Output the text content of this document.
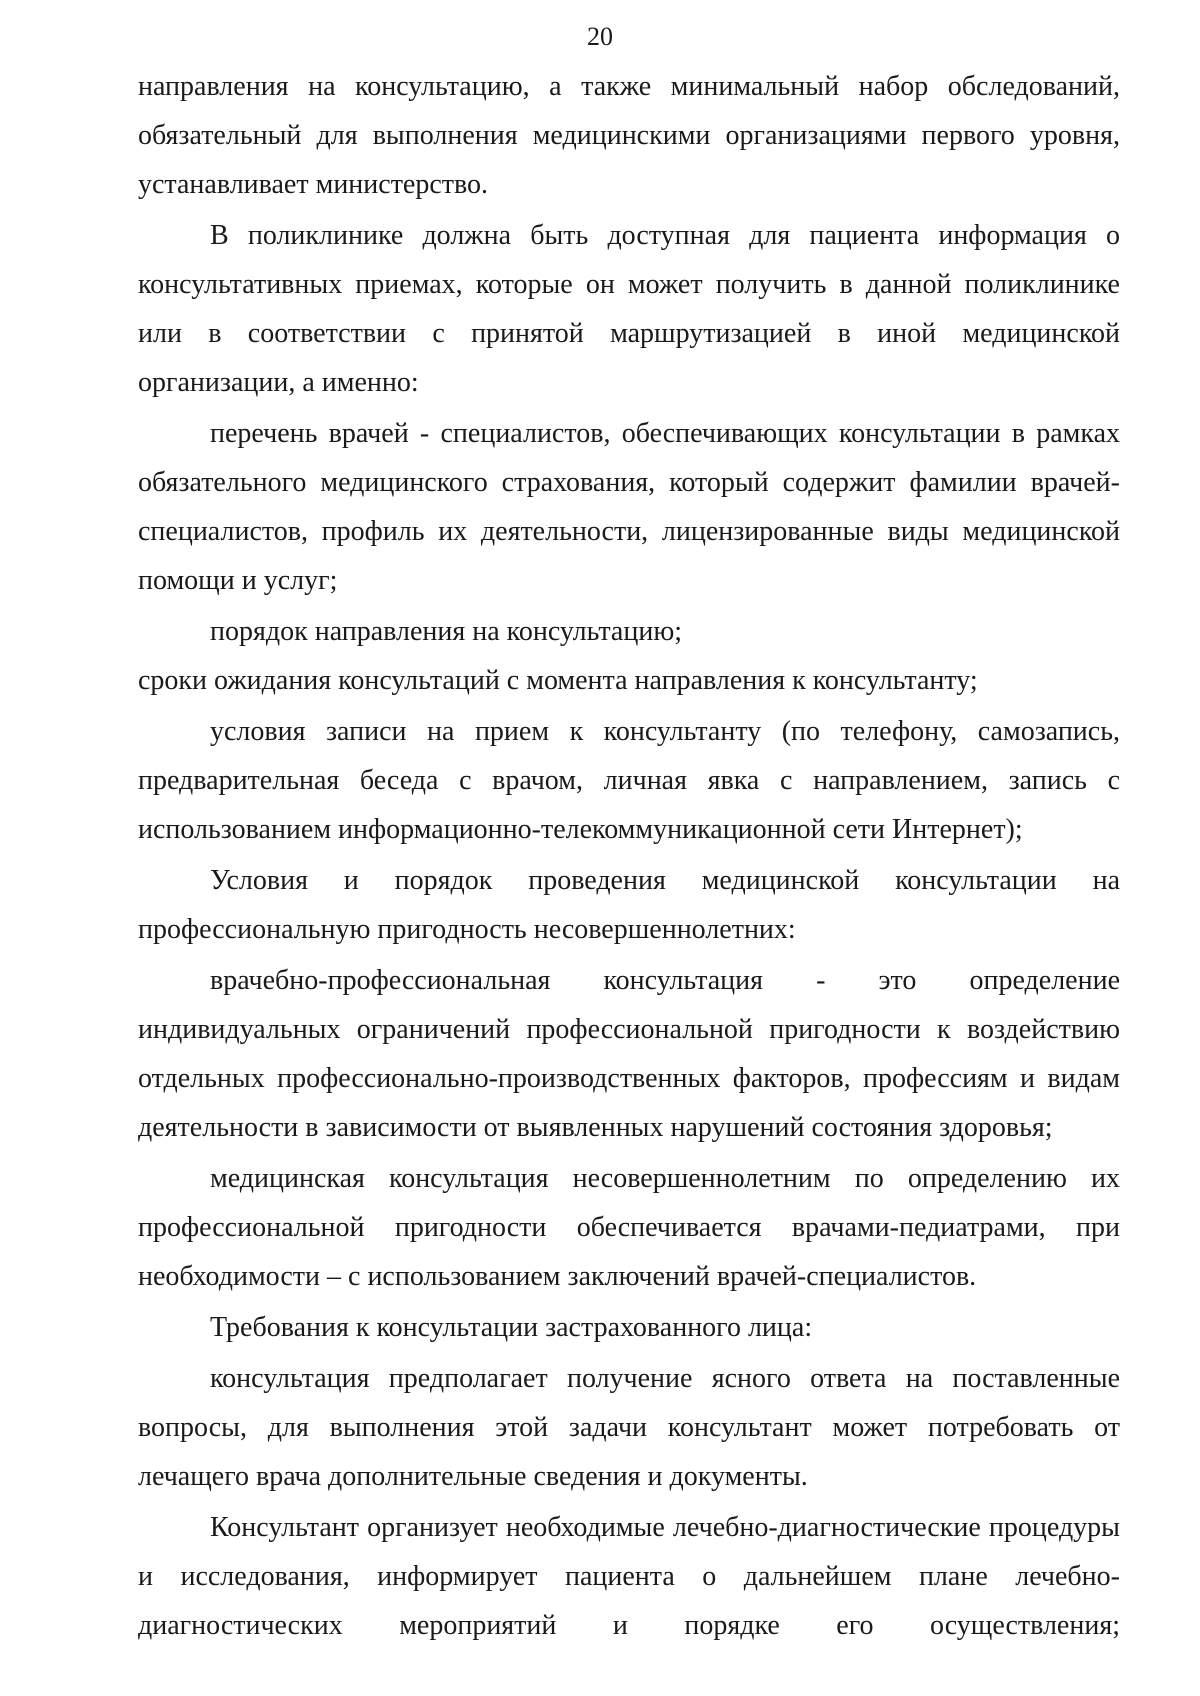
20

направления на консультацию, а также минимальный набор обследований, обязательный для выполнения медицинскими организациями первого уровня, устанавливает министерство.

В поликлинике должна быть доступная для пациента информация о консультативных приемах, которые он может получить в данной поликлинике или в соответствии с принятой маршрутизацией в иной медицинской организации, а именно:

перечень врачей - специалистов, обеспечивающих консультации в рамках обязательного медицинского страхования, который содержит фамилии врачей-специалистов, профиль их деятельности, лицензированные виды медицинской помощи и услуг;

порядок направления на консультацию;

сроки ожидания консультаций с момента направления к консультанту;

условия записи на прием к консультанту (по телефону, самозапись, предварительная беседа с врачом, личная явка с направлением, запись с использованием информационно-телекоммуникационной сети Интернет);

Условия и порядок проведения медицинской консультации на профессиональную пригодность несовершеннолетних:

врачебно-профессиональная консультация - это определение индивидуальных ограничений профессиональной пригодности к воздействию отдельных профессионально-производственных факторов, профессиям и видам деятельности в зависимости от выявленных нарушений состояния здоровья;

медицинская консультация несовершеннолетним по определению их профессиональной пригодности обеспечивается врачами-педиатрами, при необходимости – с использованием заключений врачей-специалистов.

Требования к консультации застрахованного лица:

консультация предполагает получение ясного ответа на поставленные вопросы, для выполнения этой задачи консультант может потребовать от лечащего врача дополнительные сведения и документы.

Консультант организует необходимые лечебно-диагностические процедуры и исследования, информирует пациента о дальнейшем плане лечебно-диагностических мероприятий и порядке его осуществления;
